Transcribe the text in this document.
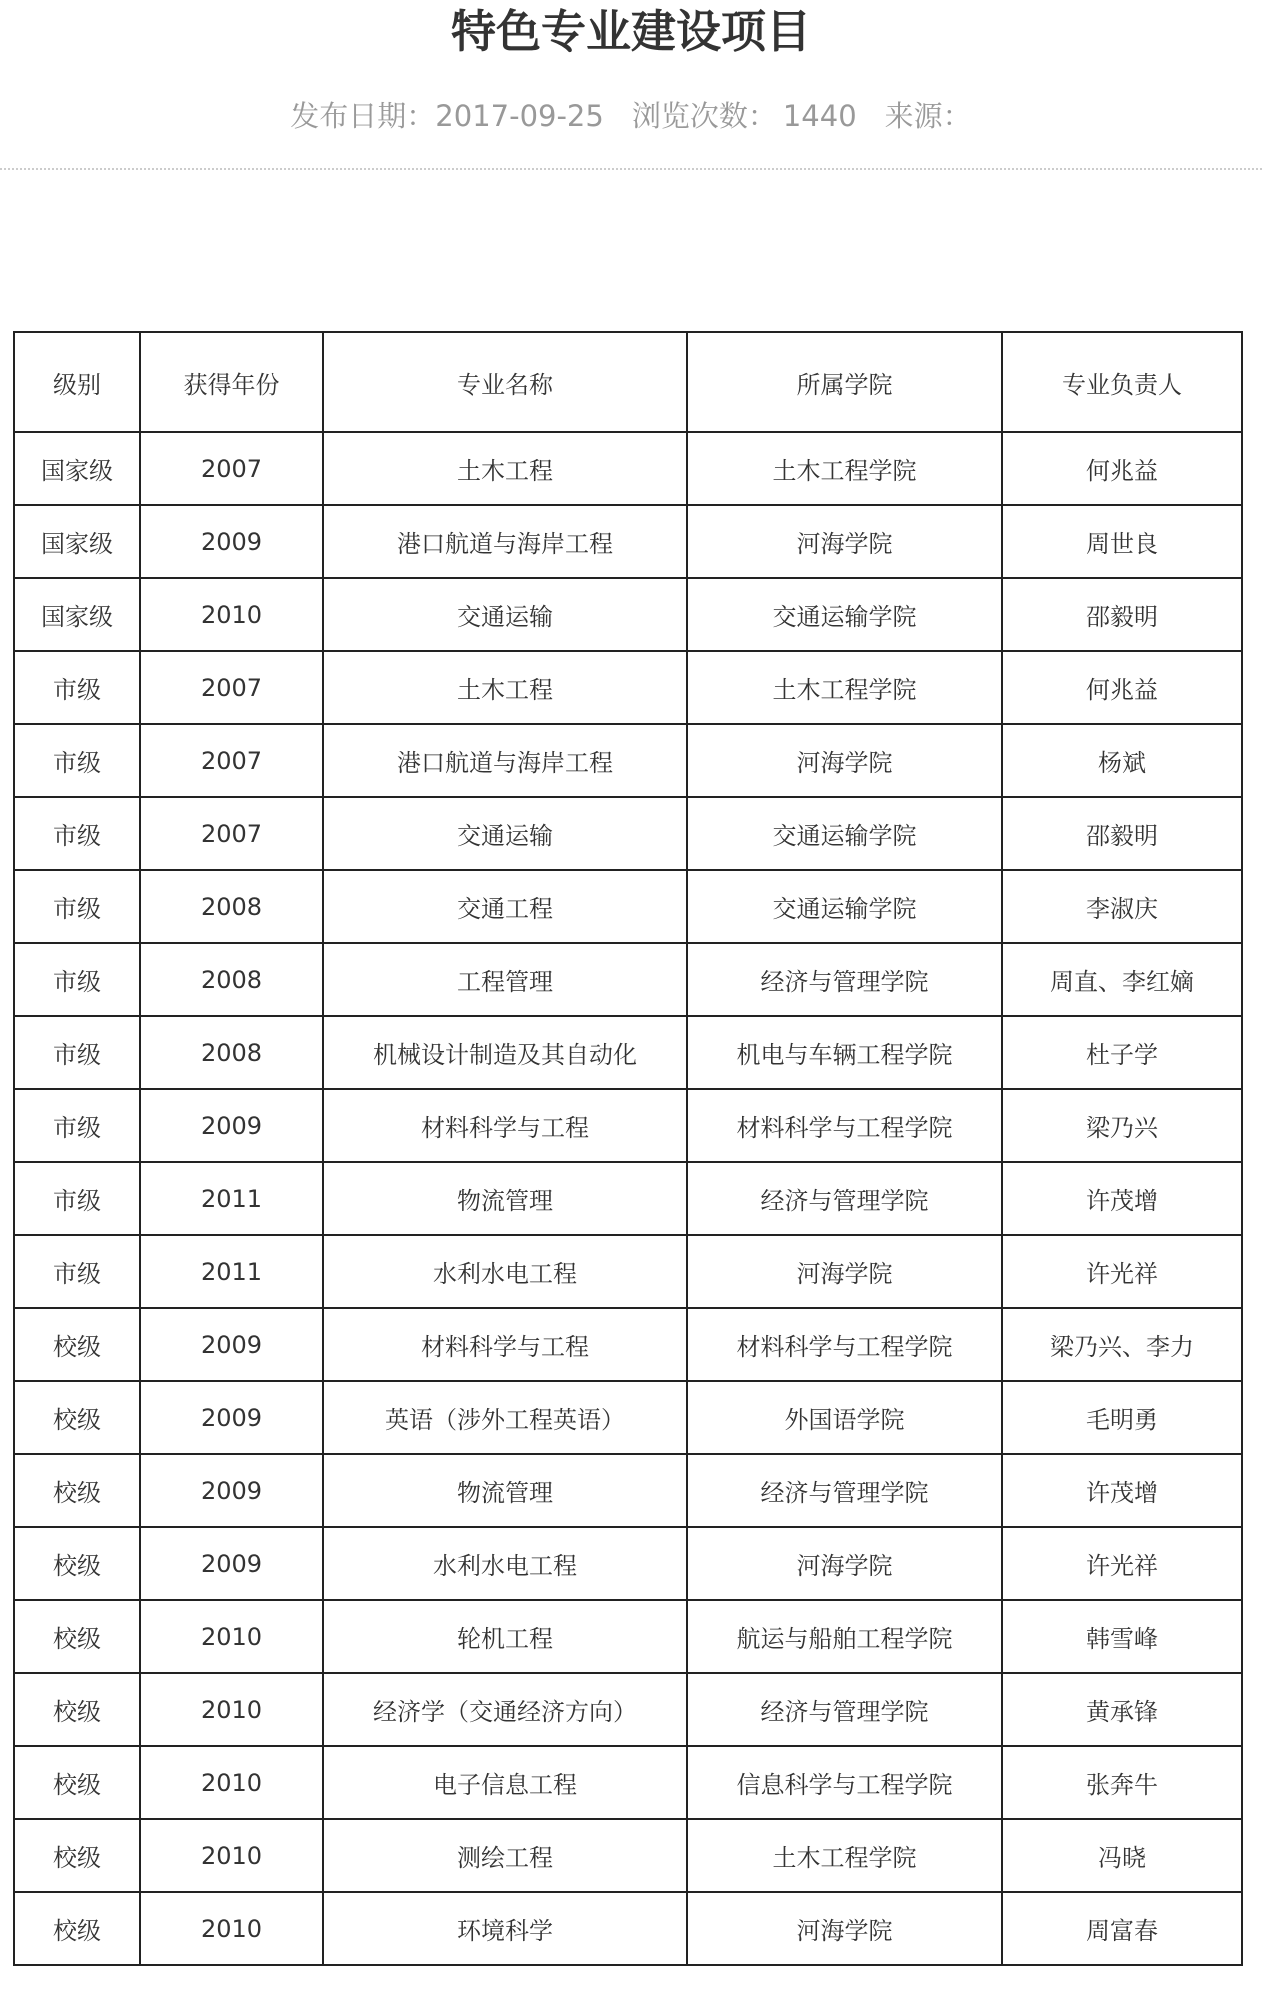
特色专业建设项目
发布日期：2017-09-25 浏览次数： 1440 来源：
级别	获得年份	专业名称	所属学院	专业负责人
国家级	2007	土木工程	土木工程学院	何兆益
国家级	2009	港口航道与海岸工程	河海学院	周世良
国家级	2010	交通运输	交通运输学院	邵毅明
市级	2007	土木工程	土木工程学院	何兆益
市级	2007	港口航道与海岸工程	河海学院	杨斌
市级	2007	交通运输	交通运输学院	邵毅明
市级	2008	交通工程	交通运输学院	李淑庆
市级	2008	工程管理	经济与管理学院	周直、李红嫡
市级	2008	机械设计制造及其自动化	机电与车辆工程学院	杜子学
市级	2009	材料科学与工程	材料科学与工程学院	梁乃兴
市级	2011	物流管理	经济与管理学院	许茂增
市级	2011	水利水电工程	河海学院	许光祥
校级	2009	材料科学与工程	材料科学与工程学院	梁乃兴、李力
校级	2009	英语（涉外工程英语）	外国语学院	毛明勇
校级	2009	物流管理	经济与管理学院	许茂增
校级	2009	水利水电工程	河海学院	许光祥
校级	2010	轮机工程	航运与船舶工程学院	韩雪峰
校级	2010	经济学（交通经济方向）	经济与管理学院	黄承锋
校级	2010	电子信息工程	信息科学与工程学院	张奔牛
校级	2010	测绘工程	土木工程学院	冯晓
校级	2010	环境科学	河海学院	周富春
